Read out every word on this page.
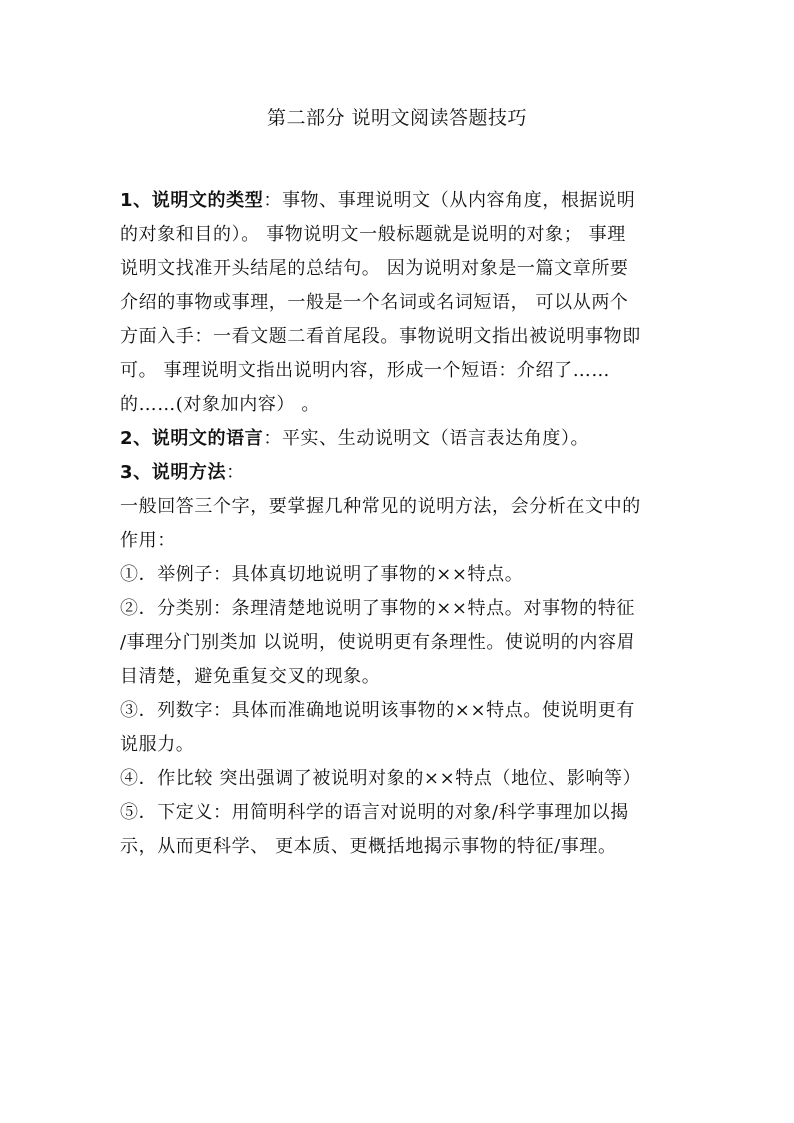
第二部分 说明文阅读答题技巧
1、说明文的类型：事物、事理说明文（从内容角度，根据说明
的对象和目的）。 事物说明文一般标题就是说明的对象； 事理
说明文找准开头结尾的总结句。 因为说明对象是一篇文章所要
介绍的事物或事理，一般是一个名词或名词短语， 可以从两个
方面入手：一看文题二看首尾段。事物说明文指出被说明事物即
可。 事理说明文指出说明内容，形成一个短语：介绍了……
的……(对象加内容） 。
2、说明文的语言：平实、生动说明文（语言表达角度）。
3、说明方法：
一般回答三个字，要掌握几种常见的说明方法，会分析在文中的
作用：
①．举例子：具体真切地说明了事物的××特点。
②．分类别：条理清楚地说明了事物的××特点。对事物的特征
/事理分门别类加 以说明，使说明更有条理性。使说明的内容眉
目清楚，避免重复交叉的现象。
③．列数字：具体而准确地说明该事物的××特点。使说明更有
说服力。
④．作比较 突出强调了被说明对象的××特点（地位、影响等）
⑤．下定义：用简明科学的语言对说明的对象/科学事理加以揭
示，从而更科学、 更本质、更概括地揭示事物的特征/事理。
